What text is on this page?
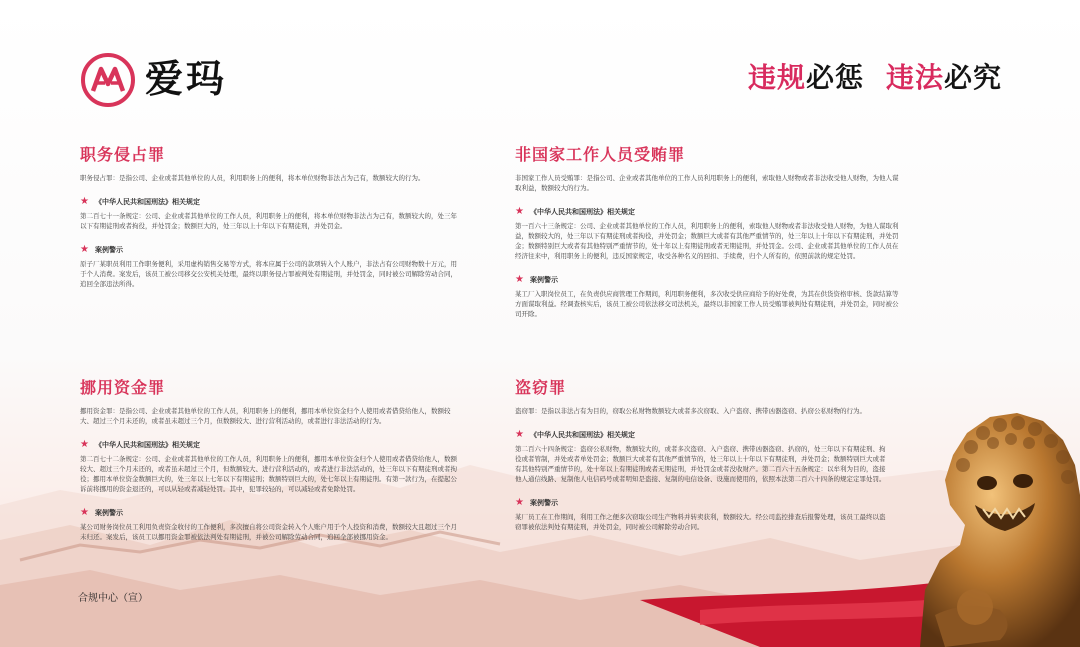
爱玛	违规必惩 违法必究
职务侵占罪

职务侵占罪：是指公司、企业或者其他单位的人员，利用职务上的便利，将本单位财物非法占为己有，数额较大的行为。

★ 《中华人民共和国刑法》相关规定

第二百七十一条规定：公司、企业或者其他单位的工作人员，利用职务上的便利，将本单位财物非法占为己有，数额较大的，处三年以下有期徒刑或者拘役，并处罚金；数额巨大的，处三年以上十年以下有期徒刑，并处罚金。

★ 案例警示

原子厂某职员利用工作职务便利，采用虚构销售交易等方式，将本应属于公司的款项转入个人账户，非法占有公司财物数十万元，用于个人消费。案发后，该员工被公司移交公安机关处理，最终以职务侵占罪被判处有期徒刑，并处罚金，同时被公司解除劳动合同，追回全部违法所得。

非国家工作人员受贿罪

非国家工作人员受贿罪：是指公司、企业或者其他单位的工作人员利用职务上的便利，索取他人财物或者非法收受他人财物，为他人谋取利益，数额较大的行为。

★ 《中华人民共和国刑法》相关规定

第一百六十三条规定：公司、企业或者其他单位的工作人员，利用职务上的便利，索取他人财物或者非法收受他人财物，为他人谋取利益，数额较大的，处三年以下有期徒刑或者拘役，并处罚金；数额巨大或者有其他严重情节的，处三年以上十年以下有期徒刑，并处罚金；数额特别巨大或者有其他特别严重情节的，处十年以上有期徒刑或者无期徒刑，并处罚金。公司、企业或者其他单位的工作人员在经济往来中，利用职务上的便利，违反国家规定，收受各种名义的回扣、手续费，归个人所有的，依照前款的规定处罚。

★ 案例警示

某工厂入职岗位员工，在负责供应商管理工作期间，利用职务便利，多次收受供应商给予的好处费，为其在供货资格审核、货款结算等方面谋取利益。经调查核实后，该员工被公司依法移交司法机关，最终以非国家工作人员受贿罪被判处有期徒刑，并处罚金，同时被公司开除。

挪用资金罪

挪用资金罪：是指公司、企业或者其他单位的工作人员，利用职务上的便利，挪用本单位资金归个人使用或者借贷给他人，数额较大、超过三个月未还的，或者虽未超过三个月，但数额较大、进行营利活动的，或者进行非法活动的行为。

★ 《中华人民共和国刑法》相关规定

第二百七十二条规定：公司、企业或者其他单位的工作人员，利用职务上的便利，挪用本单位资金归个人使用或者借贷给他人，数额较大、超过三个月未还的，或者虽未超过三个月，但数额较大、进行营利活动的，或者进行非法活动的，处三年以下有期徒刑或者拘役；挪用本单位资金数额巨大的，处三年以上七年以下有期徒刑；数额特别巨大的，处七年以上有期徒刑。有第一款行为，在提起公诉前将挪用的资金退还的，可以从轻或者减轻处罚。其中，犯罪较轻的，可以减轻或者免除处罚。

★ 案例警示

某公司财务岗位员工利用负责资金收付的工作便利，多次擅自将公司资金转入个人账户用于个人投资和消费，数额较大且超过三个月未归还。案发后，该员工以挪用资金罪被依法判处有期徒刑，并被公司解除劳动合同，追回全部被挪用资金。

盗窃罪

盗窃罪：是指以非法占有为目的，窃取公私财物数额较大或者多次窃取、入户盗窃、携带凶器盗窃、扒窃公私财物的行为。

★ 《中华人民共和国刑法》相关规定

第二百六十四条规定：盗窃公私财物，数额较大的，或者多次盗窃、入户盗窃、携带凶器盗窃、扒窃的，处三年以下有期徒刑、拘役或者管制，并处或者单处罚金；数额巨大或者有其他严重情节的，处三年以上十年以下有期徒刑，并处罚金；数额特别巨大或者有其他特别严重情节的，处十年以上有期徒刑或者无期徒刑，并处罚金或者没收财产。第二百六十五条规定：以牟利为目的，盗接他人通信线路、复制他人电信码号或者明知是盗接、复制的电信设备、设施而使用的，依照本法第二百六十四条的规定定罪处罚。

★ 案例警示

某厂员工在工作期间，利用工作之便多次窃取公司生产物料并转卖获利，数额较大。经公司监控排查后报警处理，该员工最终以盗窃罪被依法判处有期徒刑，并处罚金，同时被公司解除劳动合同。

合规中心（宣）
